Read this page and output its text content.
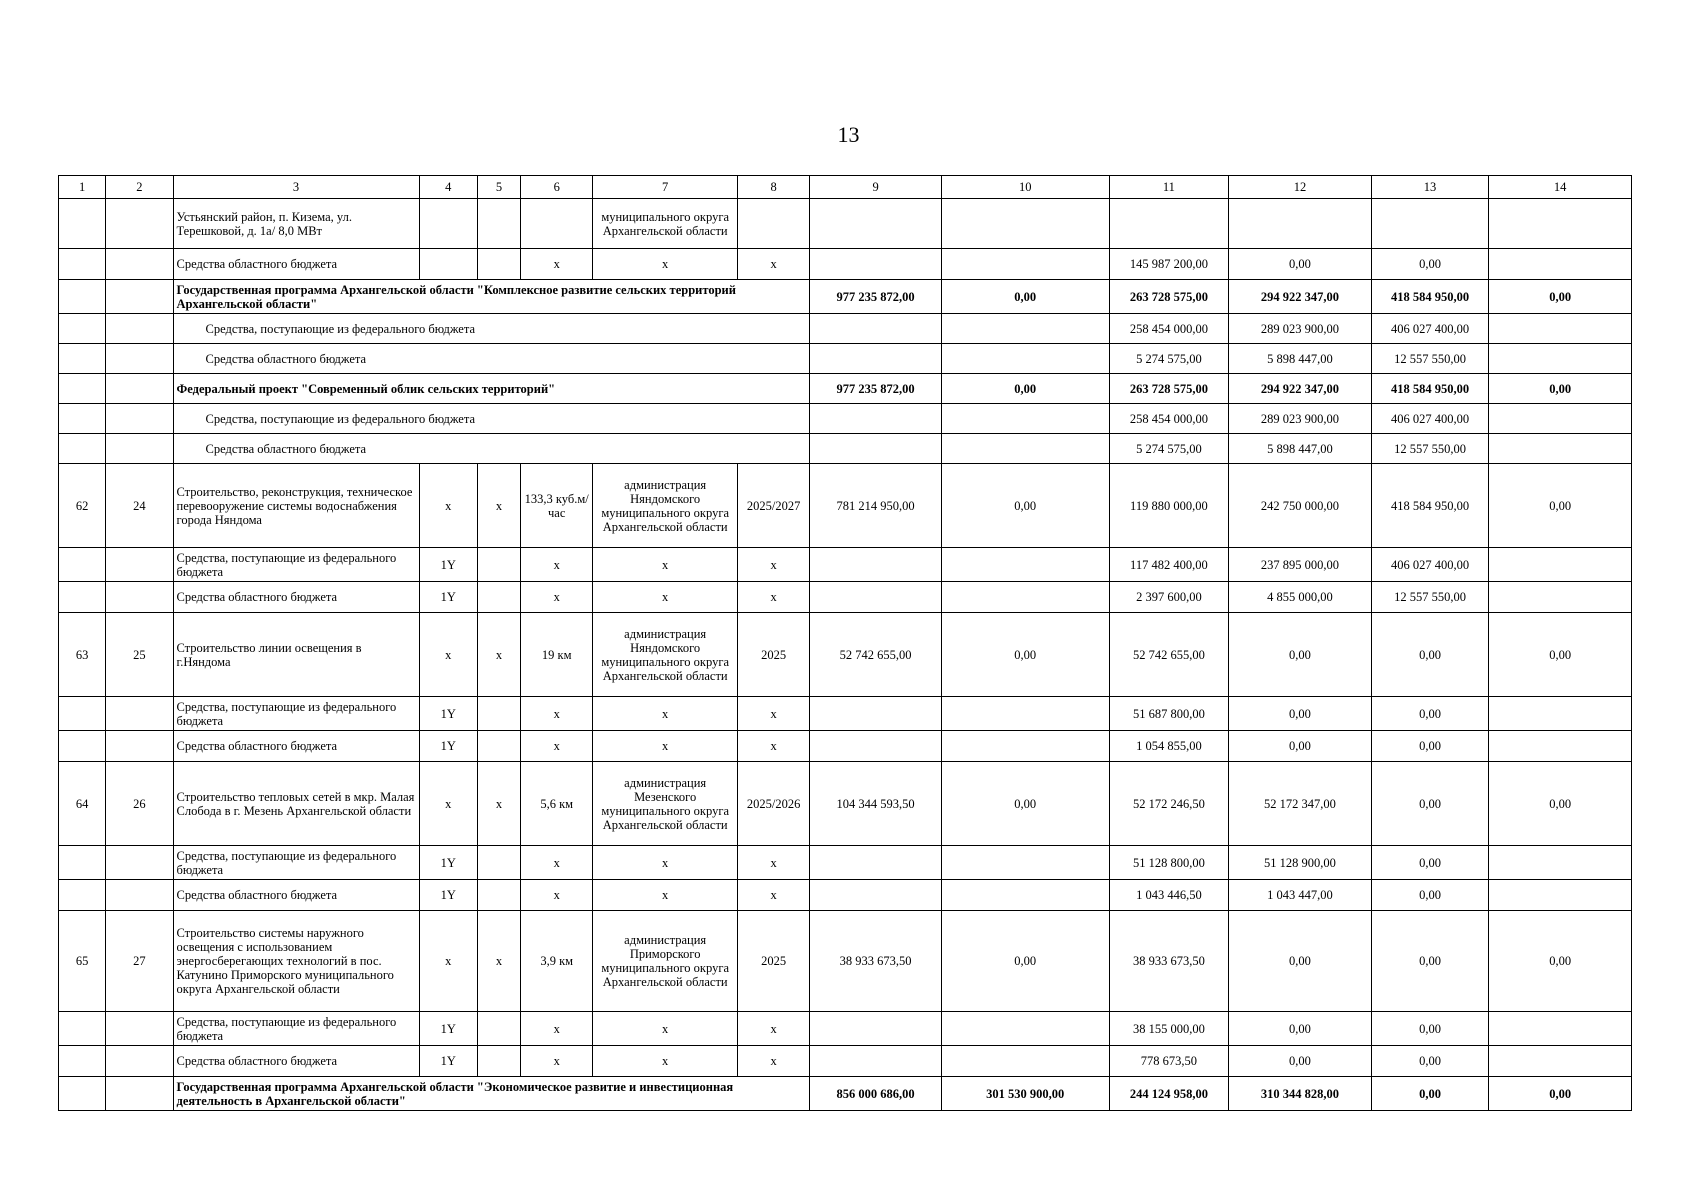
13
1	2	3	4	5	6	7	8	9	10	11	12	13	14
		Устьянский район, п. Кизема, ул. Терешковой, д. 1а/ 8,0 МВт				муниципального округа Архангельской области							
		Средства областного бюджета			x	x	x			145 987 200,00	0,00	0,00	
		Государственная программа Архангельской области "Комплексное развитие сельских территорий Архангельской области"						977 235 872,00	0,00	263 728 575,00	294 922 347,00	418 584 950,00	0,00
		Средства, поступающие из федерального бюджета								258 454 000,00	289 023 900,00	406 027 400,00	
		Средства областного бюджета								5 274 575,00	5 898 447,00	12 557 550,00	
		Федеральный проект "Современный облик сельских территорий"						977 235 872,00	0,00	263 728 575,00	294 922 347,00	418 584 950,00	0,00
		Средства, поступающие из федерального бюджета								258 454 000,00	289 023 900,00	406 027 400,00	
		Средства областного бюджета								5 274 575,00	5 898 447,00	12 557 550,00	
62	24	Строительство, реконструкция, техническое перевооружение системы водоснабжения города Няндома	x	x	133,3 куб.м/час	администрация Няндомского муниципального округа Архангельской области	2025/2027	781 214 950,00	0,00	119 880 000,00	242 750 000,00	418 584 950,00	0,00
		Средства, поступающие из федерального бюджета	1Y		x	x	x			117 482 400,00	237 895 000,00	406 027 400,00	
		Средства областного бюджета	1Y		x	x	x			2 397 600,00	4 855 000,00	12 557 550,00	
63	25	Строительство линии освещения в г.Няндома	x	x	19 км	администрация Няндомского муниципального округа Архангельской области	2025	52 742 655,00	0,00	52 742 655,00	0,00	0,00	0,00
		Средства, поступающие из федерального бюджета	1Y		x	x	x			51 687 800,00	0,00	0,00	
		Средства областного бюджета	1Y		x	x	x			1 054 855,00	0,00	0,00	
64	26	Строительство тепловых сетей в мкр. Малая Слобода в г. Мезень Архангельской области	x	x	5,6 км	администрация Мезенского муниципального округа Архангельской области	2025/2026	104 344 593,50	0,00	52 172 246,50	52 172 347,00	0,00	0,00
		Средства, поступающие из федерального бюджета	1Y		x	x	x			51 128 800,00	51 128 900,00	0,00	
		Средства областного бюджета	1Y		x	x	x			1 043 446,50	1 043 447,00	0,00	
65	27	Строительство системы наружного освещения с использованием энергосберегающих технологий в пос. Катунино Приморского муниципального округа Архангельской области	x	x	3,9 км	администрация Приморского муниципального округа Архангельской области	2025	38 933 673,50	0,00	38 933 673,50	0,00	0,00	0,00
		Средства, поступающие из федерального бюджета	1Y		x	x	x			38 155 000,00	0,00	0,00	
		Средства областного бюджета	1Y		x	x	x			778 673,50	0,00	0,00	
		Государственная программа Архангельской области "Экономическое развитие и инвестиционная деятельность в Архангельской области"						856 000 686,00	301 530 900,00	244 124 958,00	310 344 828,00	0,00	0,00
